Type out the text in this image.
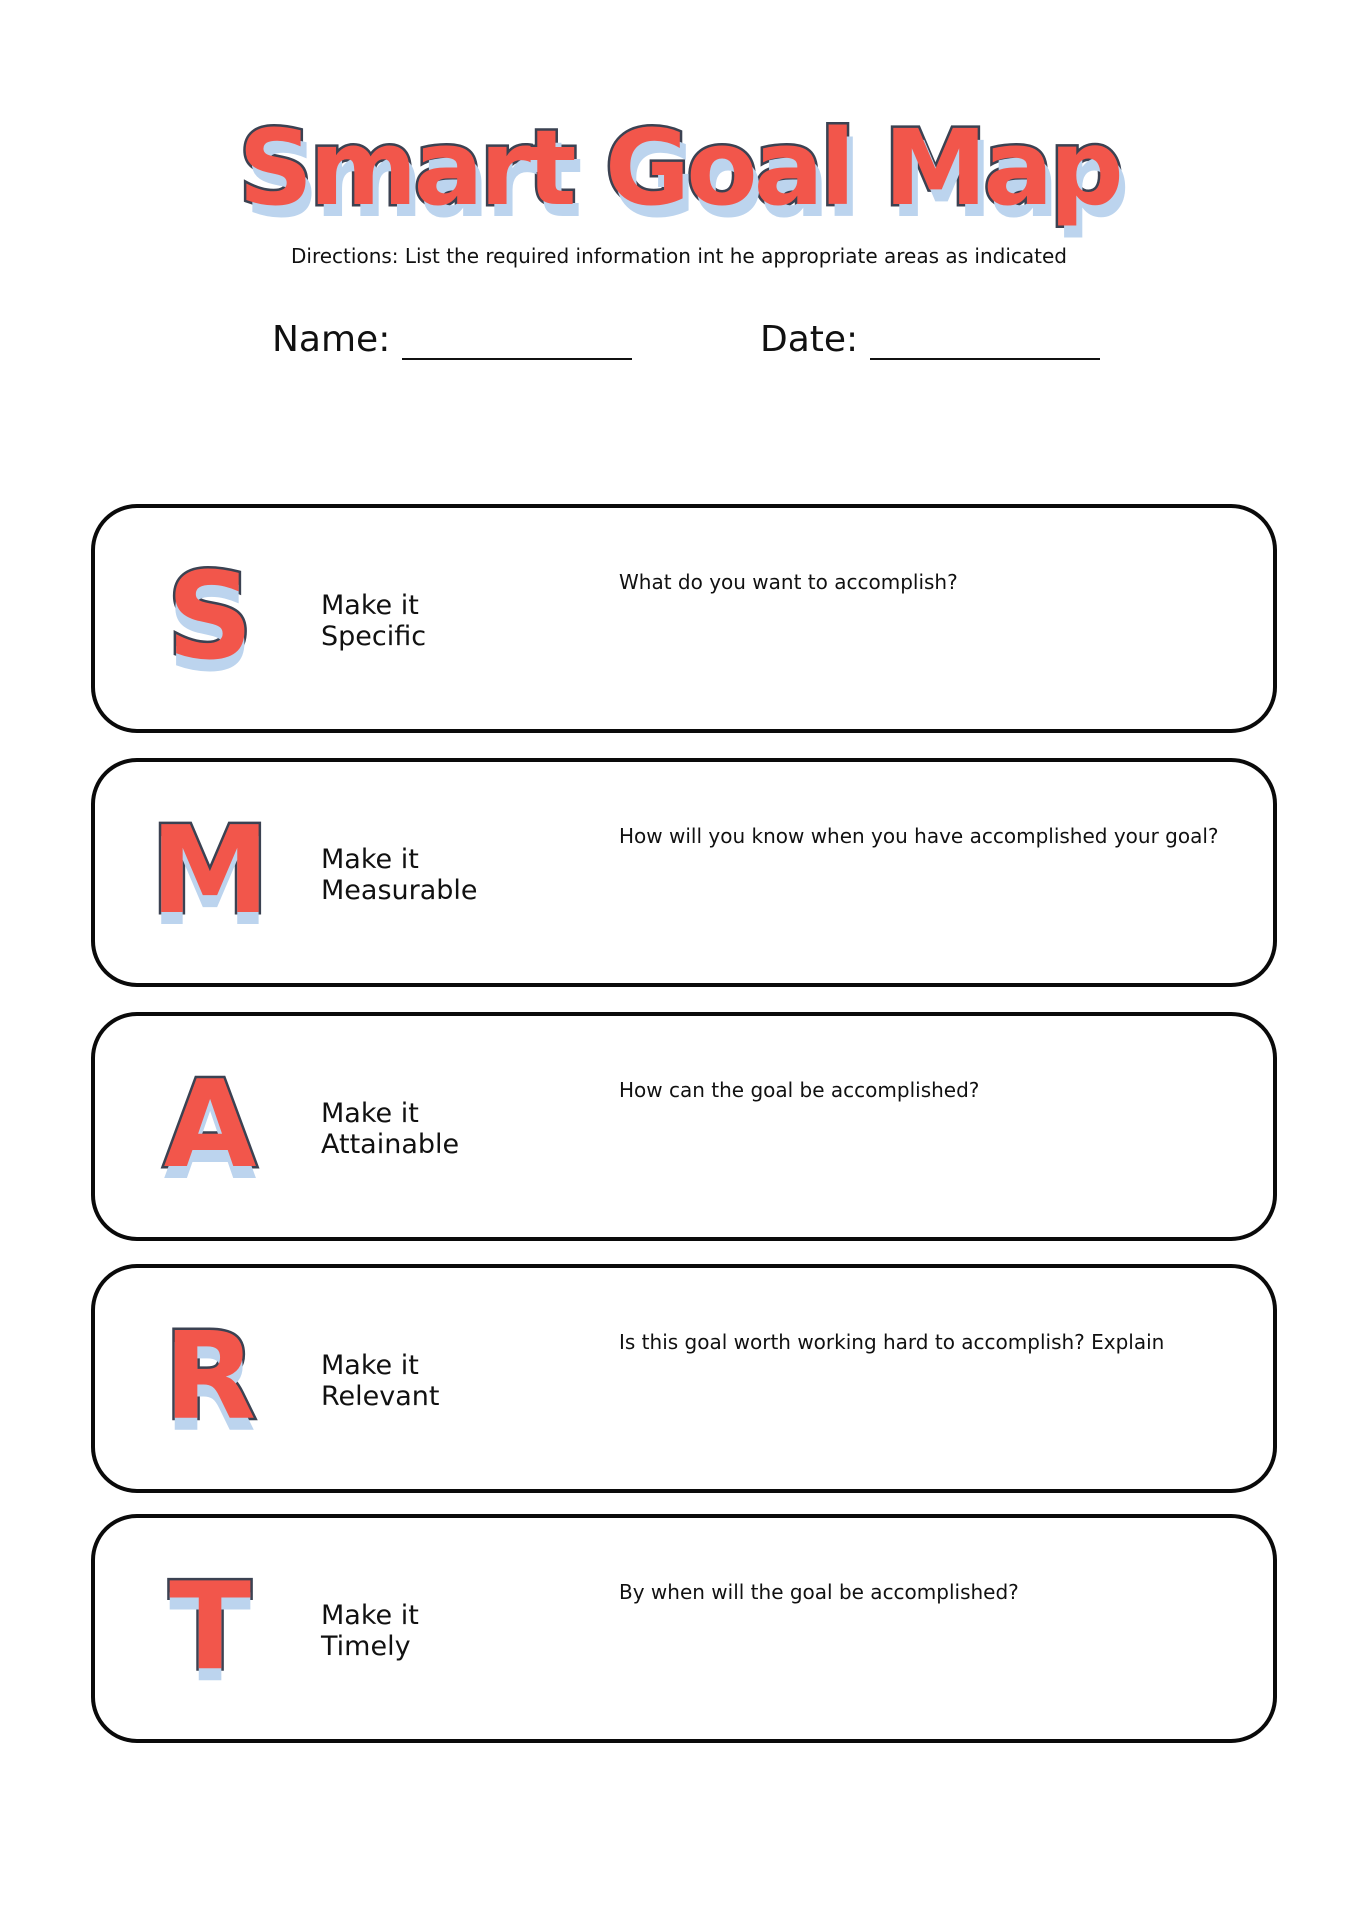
Smart Goal Map
Directions: List the required information int he appropriate areas as indicated
Name:	Date:
S	Make it
Specific
What do you want to accomplish?
M	Make it
Measurable
How will you know when you have accomplished your goal?
A	Make it
Attainable
How can the goal be accomplished?
R	Make it
Relevant
Is this goal worth working hard to accomplish? Explain
T	Make it
Timely
By when will the goal be accomplished?
